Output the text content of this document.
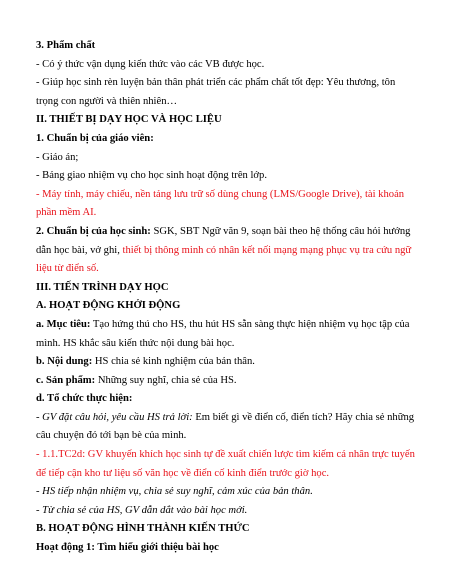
3. Phẩm chất

- Có ý thức vận dụng kiến thức vào các VB được học.

- Giúp học sinh rèn luyện bản thân phát triển các phẩm chất tốt đẹp: Yêu thương, tôn trọng con người và thiên nhiên…

II. THIẾT BỊ DẠY HỌC VÀ HỌC LIỆU

1. Chuẩn bị của giáo viên:

- Giáo án;

- Bảng giao nhiệm vụ cho học sinh hoạt động trên lớp.

- Máy tính, máy chiếu, nền tảng lưu trữ số dùng chung (LMS/Google Drive), tài khoản phần mềm AI.

2. Chuẩn bị của học sinh: SGK, SBT Ngữ văn 9, soạn bài theo hệ thống câu hỏi hướng dẫn học bài, vở ghi, thiết bị thông minh có nhân kết nối mạng mạng phục vụ tra cứu ngữ liệu từ điển số.

III. TIẾN TRÌNH DẠY HỌC

A. HOẠT ĐỘNG KHỞI ĐỘNG

a. Mục tiêu: Tạo hứng thú cho HS, thu hút HS sẵn sàng thực hiện nhiệm vụ học tập của mình. HS khắc sâu kiến thức nội dung bài học.

b. Nội dung: HS chia sẻ kinh nghiệm của bản thân.

c. Sản phẩm: Những suy nghĩ, chia sẻ của HS.

d. Tổ chức thực hiện:

- GV đặt câu hỏi, yêu cầu HS trả lời: Em biết gì về điển cố, điển tích? Hãy chia sẻ những câu chuyện đó tới bạn bè của mình.

- 1.1.TC2d: GV khuyến khích học sinh tự đề xuất chiến lược tìm kiếm cá nhân trực tuyến để tiếp cận kho tư liệu số văn học về điển cố kinh điển trước giờ học.

- HS tiếp nhận nhiệm vụ, chia sẻ suy nghĩ, cảm xúc của bản thân.

- Từ chia sẻ của HS, GV dẫn dắt vào bài học mới.

B. HOẠT ĐỘNG HÌNH THÀNH KIẾN THỨC

Hoạt động 1: Tìm hiểu giới thiệu bài học
